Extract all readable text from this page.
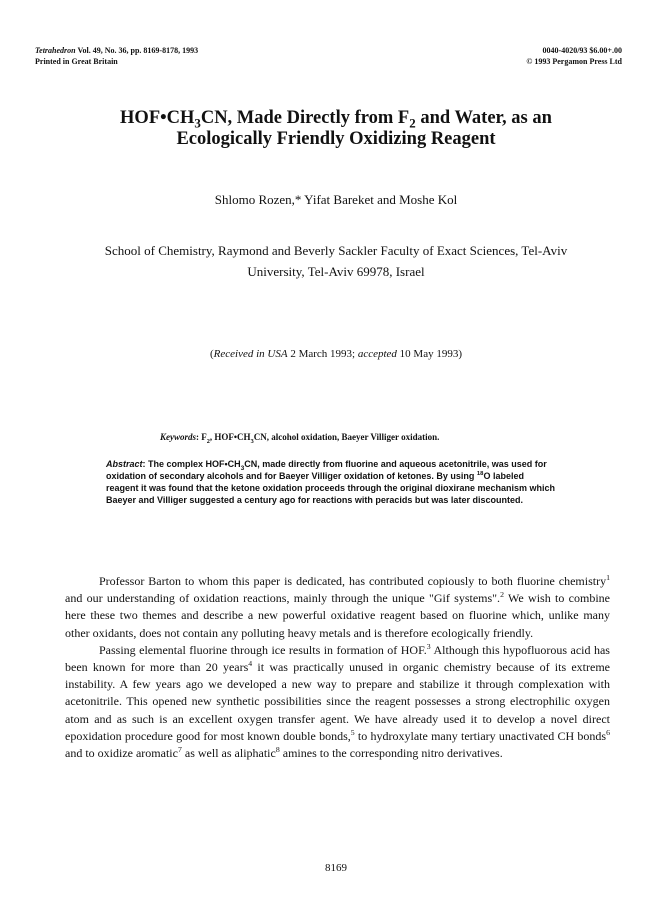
Tetrahedron Vol. 49, No. 36, pp. 8169-8178, 1993
Printed in Great Britain
0040-4020/93 $6.00+.00
© 1993 Pergamon Press Ltd
$HOF•CH_3CN$, Made Directly from $F_2$ and Water, as an
Ecologically Friendly Oxidizing Reagent
Shlomo Rozen,* Yifat Bareket and Moshe Kol
School of Chemistry, Raymond and Beverly Sackler Faculty of Exact Sciences, Tel-Aviv
University, Tel-Aviv 69978, Israel
(Received in USA 2 March 1993; accepted 10 May 1993)
Keywords: $F_2$, $HOF•CH_3CN$, alcohol oxidation, Baeyer Villiger oxidation.
Abstract: The complex $HOF•CH_3CN$, made directly from fluorine and aqueous acetonitrile, was used for oxidation of secondary alcohols and for Baeyer Villiger oxidation of ketones. By using $^{18}$O labeled reagent it was found that the ketone oxidation proceeds through the original dioxirane mechanism which Baeyer and Villiger suggested a century ago for reactions with peracids but was later discounted.

Professor Barton to whom this paper is dedicated, has contributed copiously to both fluorine chemistry$^1$ and our understanding of oxidation reactions, mainly through the unique "Gif systems".$^2$ We wish to combine here these two themes and describe a new powerful oxidative reagent based on fluorine which, unlike many other oxidants, does not contain any polluting heavy metals and is therefore ecologically friendly.

Passing elemental fluorine through ice results in formation of HOF.$^3$ Although this hypofluorous acid has been known for more than 20 years$^4$ it was practically unused in organic chemistry because of its extreme instability. A few years ago we developed a new way to prepare and stabilize it through complexation with acetonitrile. This opened new synthetic possibilities since the reagent possesses a strong electrophilic oxygen atom and as such is an excellent oxygen transfer agent. We have already used it to develop a novel direct epoxidation procedure good for most known double bonds,$^5$ to hydroxylate many tertiary unactivated CH bonds$^6$ and to oxidize aromatic$^7$ as well as aliphatic$^8$ amines to the corresponding nitro derivatives.

8169
